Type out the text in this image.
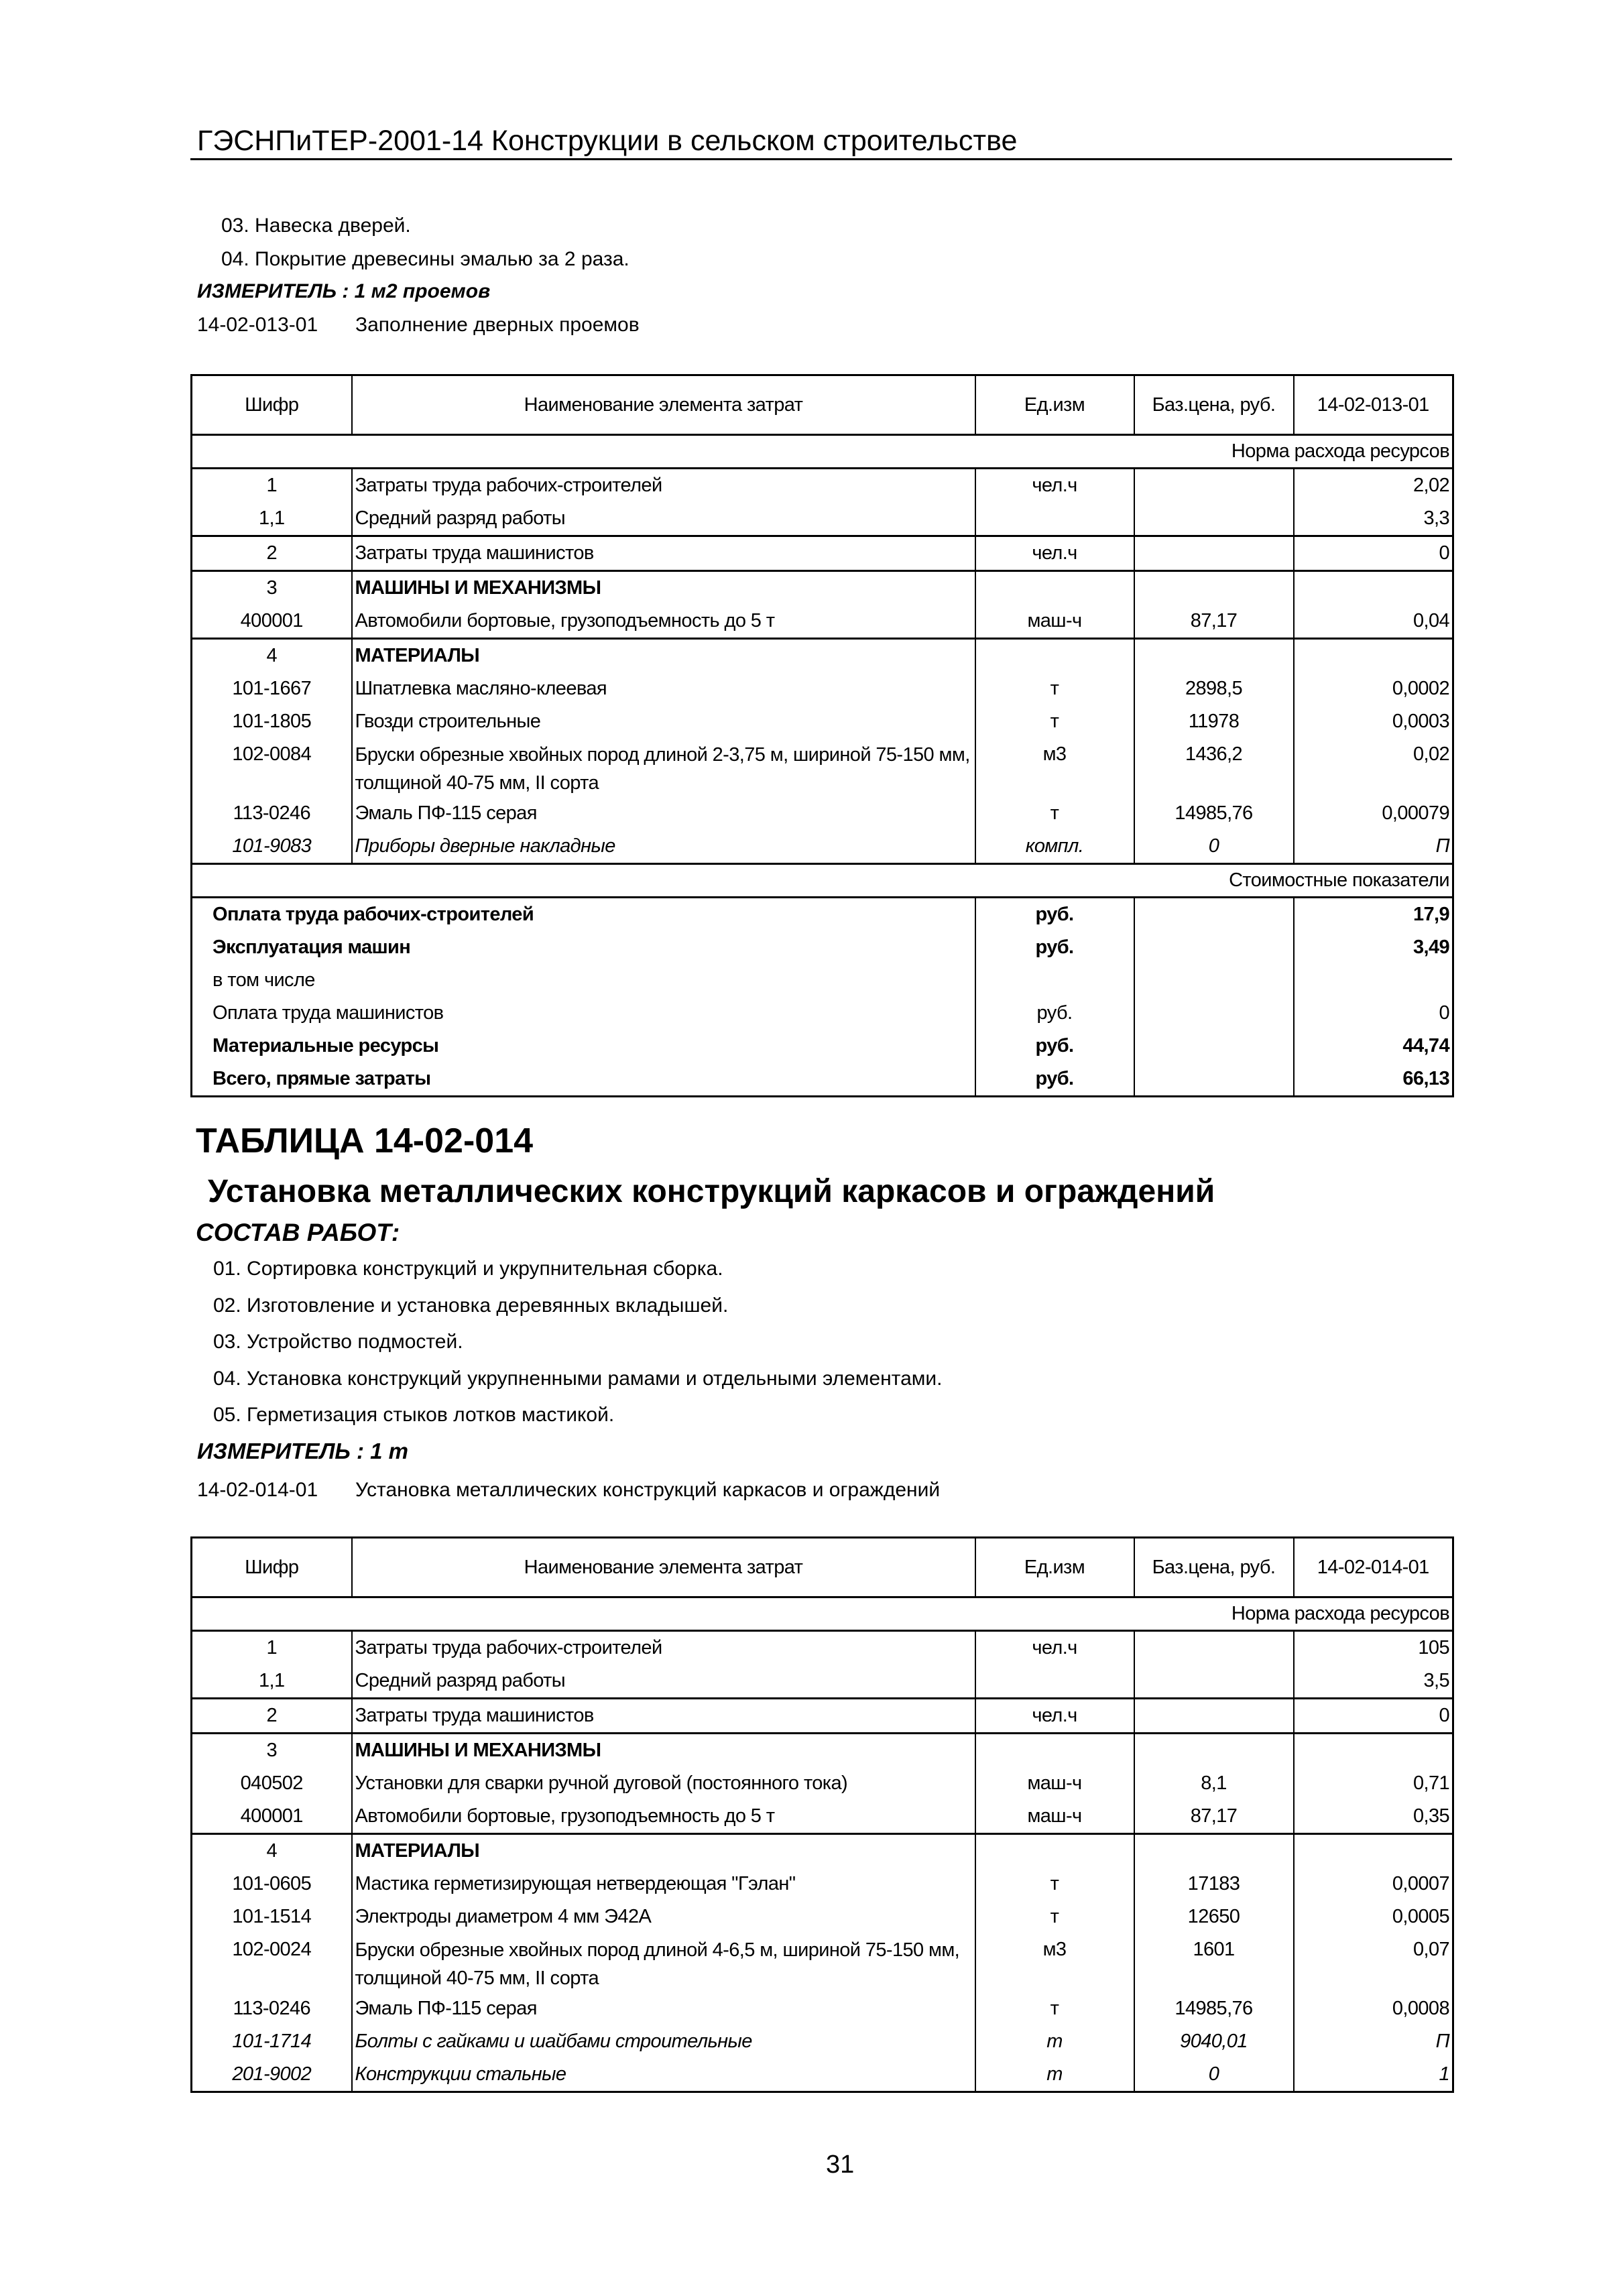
ГЭСНПиТЕР-2001-14 Конструкции в сельском строительстве
03. Навеска дверей.
04. Покрытие древесины эмалью за 2 раза.
ИЗМЕРИТЕЛЬ : 1 м2 проемов
14-02-013-01 Заполнение дверных проемов
Шифр	Наименование элемента затрат	Ед.изм	Баз.цена, руб.	14-02-013-01
Норма расхода ресурсов				
1	Затраты труда рабочих-строителей	чел.ч		2,02
1,1	Средний разряд работы			3,3
2	Затраты труда машинистов	чел.ч		0
3	МАШИНЫ И МЕХАНИЗМЫ			
400001	Автомобили бортовые, грузоподъемность до 5 т	маш-ч	87,17	0,04
4	МАТЕРИАЛЫ			
101-1667	Шпатлевка масляно-клеевая	т	2898,5	0,0002
101-1805	Гвозди строительные	т	11978	0,0003
102-0084	Бруски обрезные хвойных пород длиной 2-3,75 м, шириной 75-150 мм, толщиной 40-75 мм, II сорта	м3	1436,2	0,02
113-0246	Эмаль ПФ-115 серая	т	14985,76	0,00079
101-9083	Приборы дверные накладные	компл.	0	П
Стоимостные показатели				
Оплата труда рабочих-строителей		руб.		17,9
Эксплуатация машин		руб.		3,49
в том числе				
Оплата труда машинистов		руб.		0
Материальные ресурсы		руб.		44,74
Всего, прямые затраты		руб.		66,13
ТАБЛИЦА 14-02-014
Установка металлических конструкций каркасов и ограждений
СОСТАВ РАБОТ:
01. Сортировка конструкций и укрупнительная сборка.
02. Изготовление и установка деревянных вкладышей.
03. Устройство подмостей.
04. Установка конструкций укрупненными рамами и отдельными элементами.
05. Герметизация стыков лотков мастикой.
ИЗМЕРИТЕЛЬ : 1 т
14-02-014-01 Установка металлических конструкций каркасов и ограждений
Шифр	Наименование элемента затрат	Ед.изм	Баз.цена, руб.	14-02-014-01
Норма расхода ресурсов				
1	Затраты труда рабочих-строителей	чел.ч		105
1,1	Средний разряд работы			3,5
2	Затраты труда машинистов	чел.ч		0
3	МАШИНЫ И МЕХАНИЗМЫ			
040502	Установки для сварки ручной дуговой (постоянного тока)	маш-ч	8,1	0,71
400001	Автомобили бортовые, грузоподъемность до 5 т	маш-ч	87,17	0,35
4	МАТЕРИАЛЫ			
101-0605	Мастика герметизирующая нетвердеющая "Гэлан"	т	17183	0,0007
101-1514	Электроды диаметром 4 мм Э42А	т	12650	0,0005
102-0024	Бруски обрезные хвойных пород длиной 4-6,5 м, шириной 75-150 мм, толщиной 40-75 мм, II сорта	м3	1601	0,07
113-0246	Эмаль ПФ-115 серая	т	14985,76	0,0008
101-1714	Болты с гайками и шайбами строительные	т	9040,01	П
201-9002	Конструкции стальные	т	0	1
31
